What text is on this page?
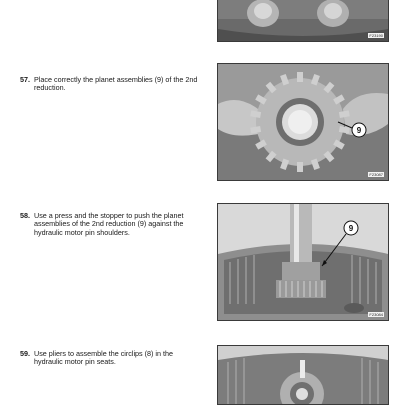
F23190
57. Place correctly the planet assemblies (9) of the 2nd reduction.
9
F23087
58. Use a press and the stopper to push the planet assemblies of the 2nd reduction (9) against the hydraulic motor pin shoulders.	9
F23084
59. Use pliers to assemble the circlips (8) in the hydraulic motor pin seats.
